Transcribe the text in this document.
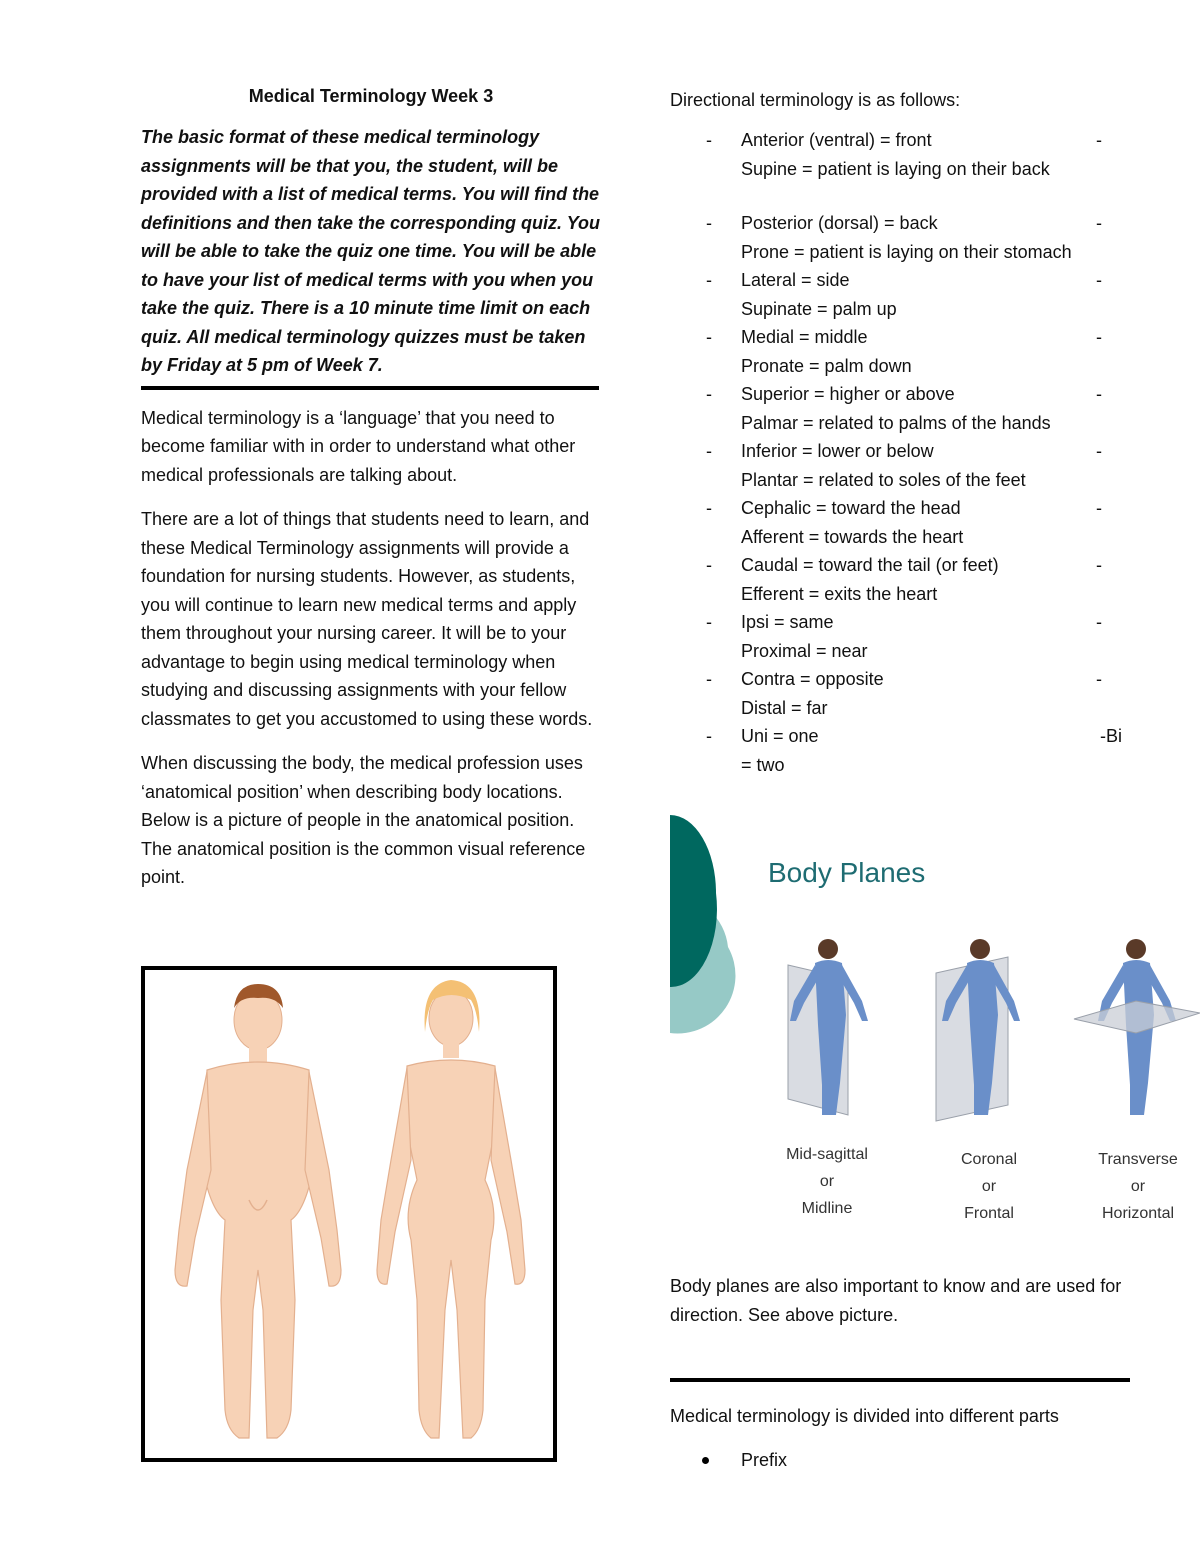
Medical Terminology Week 3

The basic format of these medical terminology assignments will be that you, the student, will be provided with a list of medical terms. You will find the definitions and then take the corresponding quiz. You will be able to take the quiz one time. You will be able to have your list of medical terms with you when you take the quiz. There is a 10 minute time limit on each quiz. All medical terminology quizzes must be taken by Friday at 5 pm of Week 7.

Medical terminology is a ‘language’ that you need to become familiar with in order to understand what other medical professionals are talking about.

There are a lot of things that students need to learn, and these Medical Terminology assignments will provide a foundation for nursing students. However, as students, you will continue to learn new medical terms and apply them throughout your nursing career. It will be to your advantage to begin using medical terminology when studying and discussing assignments with your fellow classmates to get you accustomed to using these words.

When discussing the body, the medical profession uses ‘anatomical position’ when describing body locations. Below is a picture of people in the anatomical position. The anatomical position is the common visual reference point.

Directional terminology is as follows:

-	-
Anterior (ventral) = front
Supine = patient is laying on their back
-	-
Posterior (dorsal) = back
Prone = patient is laying on their stomach
-	-
Lateral = side
Supinate = palm up
-	-
Medial = middle
Pronate = palm down
-	-
Superior = higher or above
Palmar = related to palms of the hands
-	-
Inferior = lower or below
Plantar = related to soles of the feet
-	-
Cephalic = toward the head
Afferent = towards the heart
-	-
Caudal = toward the tail (or feet)
Efferent = exits the heart
-	-
Ipsi = same
Proximal = near
-	-
Contra = opposite
Distal = far
-	-Bi
Uni = one
= two
Body Planes
Mid-sagittal
or
Midline
Coronal
or
Frontal
Transverse
or
Horizontal

Body planes are also important to know and are used for direction. See above picture.

Medical terminology is divided into different parts

Prefix
